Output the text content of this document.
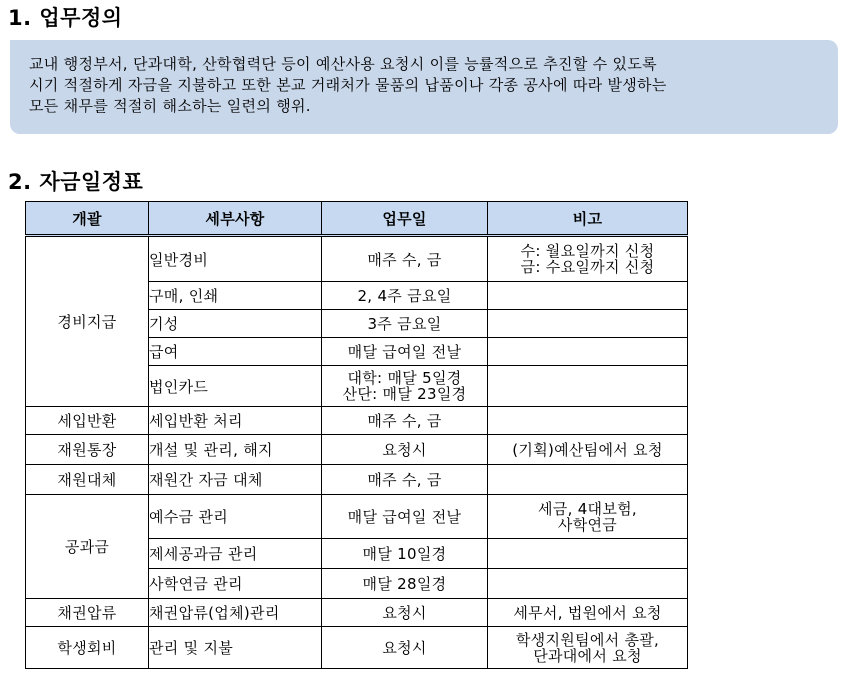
1. 업무정의
교내 행정부서, 단과대학, 산학협력단 등이 예산사용 요청시 이를 능률적으로 추진할 수 있도록
시기 적절하게 자금을 지불하고 또한 본교 거래처가 물품의 납품이나 각종 공사에 따라 발생하는
모든 채무를 적절히 해소하는 일련의 행위.
2. 자금일정표
개괄	세부사항	업무일	비고
경비지급	일반경비	매주 수, 금	수: 월요일까지 신청
금: 수요일까지 신청

	구매, 인쇄	2, 4주 금요일	
	기성	3주 금요일	
	급여	매달 급여일 전날	
	법인카드	대학: 매달 5일경
산단: 매달 23일경	

세입반환	세입반환 처리	매주 수, 금	
재원통장	개설 및 관리, 해지	요청시	(기획)예산팀에서 요청
재원대체	재원간 자금 대체	매주 수, 금	
공과금	예수금 관리	매달 급여일 전날	세금, 4대보험,
사학연금

	제세공과금 관리	매달 10일경	
	사학연금 관리	매달 28일경	
채권압류	채권압류(업체)관리	요청시	세무서, 법원에서 요청
학생회비	관리 및 지불	요청시	학생지원팀에서 총괄,
단과대에서 요청
